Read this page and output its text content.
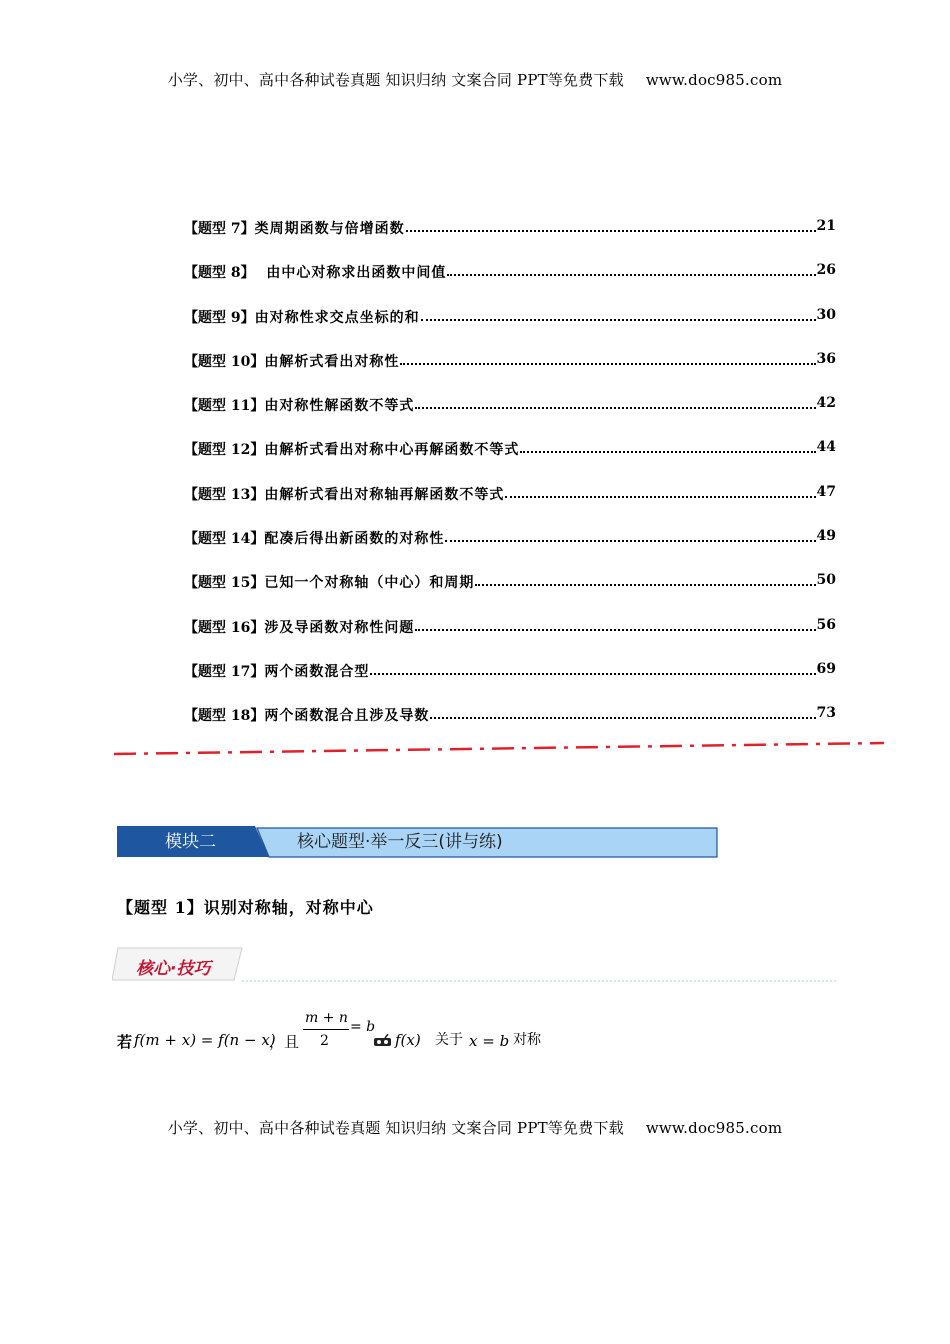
小学、初中、高中各种试卷真题 知识归纳 文案合同 PPT等免费下载 www.doc985.com
【题型 7】 类周期函数与倍增函数	21
【题型 8】 由中心对称求出函数中间值	26
【题型 9】 由对称性求交点坐标的和	30
【题型 10】 由解析式看出对称性	36
【题型 11】 由对称性解函数不等式	42
【题型 12】 由解析式看出对称中心再解函数不等式	44
【题型 13】 由解析式看出对称轴再解函数不等式	47
【题型 14】 配凑后得出新函数的对称性	49
【题型 15】 已知一个对称轴（中心）和周期	50
【题型 16】 涉及导函数对称性问题	56
【题型 17】 两个函数混合型	69
【题型 18】 两个函数混合且涉及导数	73
模块二	核心题型·举一反三(讲与练)
【题型 1】识别对称轴，对称中心
核心·技巧
若 f(m + x) = f(n − x)
，且
m + n
2
= b
f(x) 关于 x = b 对称
小学、初中、高中各种试卷真题 知识归纳 文案合同 PPT等免费下载 www.doc985.com
